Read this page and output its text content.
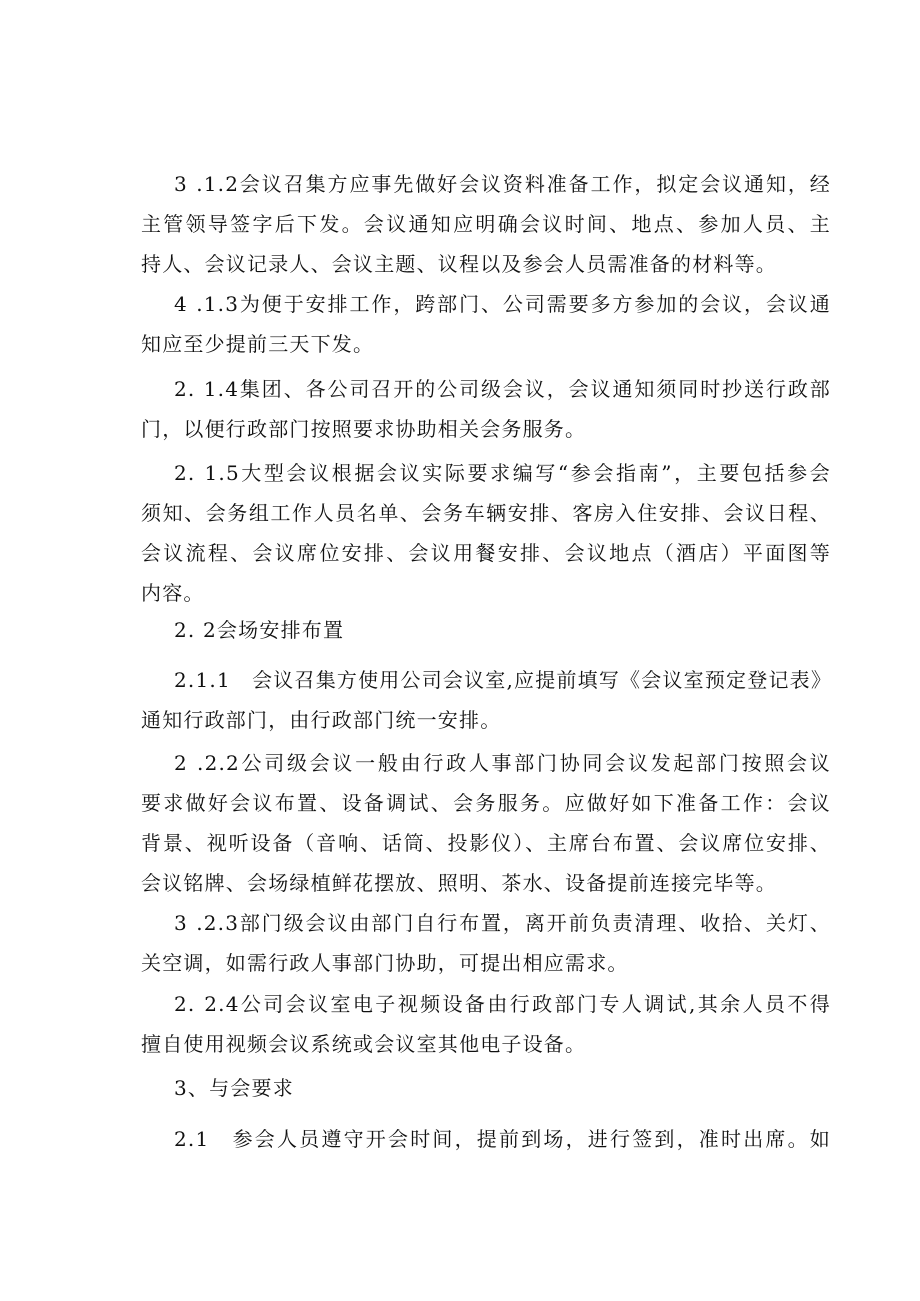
3 .1.2会议召集方应事先做好会议资料准备工作，拟定会议通知，经
主管领导签字后下发。会议通知应明确会议时间、地点、参加人员、主
持人、会议记录人、会议主题、议程以及参会人员需准备的材料等。
4 .1.3为便于安排工作，跨部门、公司需要多方参加的会议，会议通
知应至少提前三天下发。
2. 1.4集团、各公司召开的公司级会议，会议通知须同时抄送行政部
门，以便行政部门按照要求协助相关会务服务。
2. 1.5大型会议根据会议实际要求编写“参会指南”，主要包括参会
须知、会务组工作人员名单、会务车辆安排、客房入住安排、会议日程、
会议流程、会议席位安排、会议用餐安排、会议地点（酒店）平面图等
内容。
2. 2会场安排布置
2.1.1　会议召集方使用公司会议室,应提前填写《会议室预定登记表》
通知行政部门，由行政部门统一安排。
2 .2.2公司级会议一般由行政人事部门协同会议发起部门按照会议
要求做好会议布置、设备调试、会务服务。应做好如下准备工作：会议
背景、视听设备（音响、话筒、投影仪）、主席台布置、会议席位安排、
会议铭牌、会场绿植鲜花摆放、照明、茶水、设备提前连接完毕等。
3 .2.3部门级会议由部门自行布置，离开前负责清理、收拾、关灯、
关空调，如需行政人事部门协助，可提出相应需求。
2. 2.4公司会议室电子视频设备由行政部门专人调试,其余人员不得
擅自使用视频会议系统或会议室其他电子设备。
3、与会要求
2.1　参会人员遵守开会时间，提前到场，进行签到，准时出席。如
